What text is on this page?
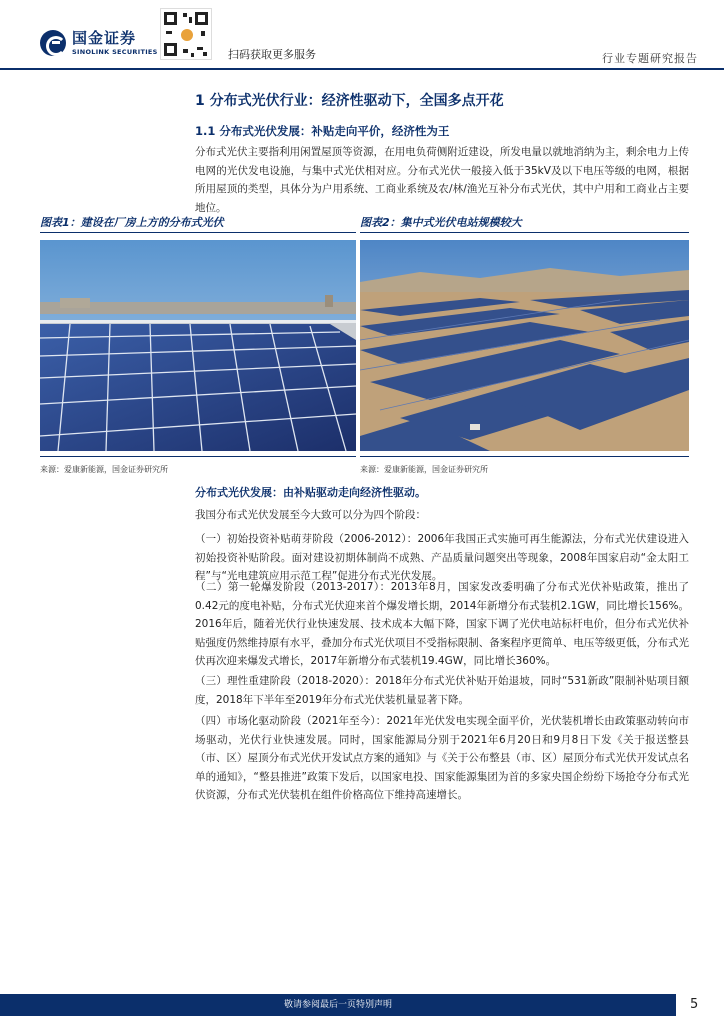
国金证券
SINOLINK SECURITIES	扫码获取更多服务	行业专题研究报告
1 分布式光伏行业：经济性驱动下，全国多点开花
1.1 分布式光伏发展：补贴走向平价，经济性为王
分布式光伏主要指利用闲置屋顶等资源，在用电负荷侧附近建设，所发电量以就地消纳为主，剩余电力上传电网的光伏发电设施，与集中式光伏相对应。分布式光伏一般接入低于35kV及以下电压等级的电网，根据所用屋顶的类型，具体分为户用系统、工商业系统及农/林/渔光互补分布式光伏，其中户用和工商业占主要地位。
图表1：建设在厂房上方的分布式光伏
来源：爱康新能源，国金证券研究所
图表2：集中式光伏电站规模较大
来源：爱康新能源，国金证券研究所
分布式光伏发展：由补贴驱动走向经济性驱动。
我国分布式光伏发展至今大致可以分为四个阶段：
（一）初始投资补贴萌芽阶段（2006-2012）：2006年我国正式实施可再生能源法，分布式光伏建设进入初始投资补贴阶段。面对建设初期体制尚不成熟、产品质量问题突出等现象，2008年国家启动“金太阳工程”与“光电建筑应用示范工程”促进分布式光伏发展。
（二）第一轮爆发阶段（2013-2017）：2013年8月，国家发改委明确了分布式光伏补贴政策，推出了0.42元的度电补贴，分布式光伏迎来首个爆发增长期，2014年新增分布式装机2.1GW，同比增长156%。2016年后，随着光伏行业快速发展、技术成本大幅下降，国家下调了光伏电站标杆电价，但分布式光伏补贴强度仍然维持原有水平，叠加分布式光伏项目不受指标限制、备案程序更简单、电压等级更低，分布式光伏再次迎来爆发式增长，2017年新增分布式装机19.4GW，同比增长360%。
（三）理性重建阶段（2018-2020）：2018年分布式光伏补贴开始退坡，同时“531新政”限制补贴项目额度，2018年下半年至2019年分布式光伏装机量显著下降。
（四）市场化驱动阶段（2021年至今）：2021年光伏发电实现全面平价，光伏装机增长由政策驱动转向市场驱动，光伏行业快速发展。同时，国家能源局分别于2021年6月20日和9月8日下发《关于报送整县（市、区）屋顶分布式光伏开发试点方案的通知》与《关于公布整县（市、区）屋顶分布式光伏开发试点名单的通知》，“整县推进”政策下发后，以国家电投、国家能源集团为首的多家央国企纷纷下场抢夺分布式光伏资源，分布式光伏装机在组件价格高位下维持高速增长。
敬请参阅最后一页特别声明	5
